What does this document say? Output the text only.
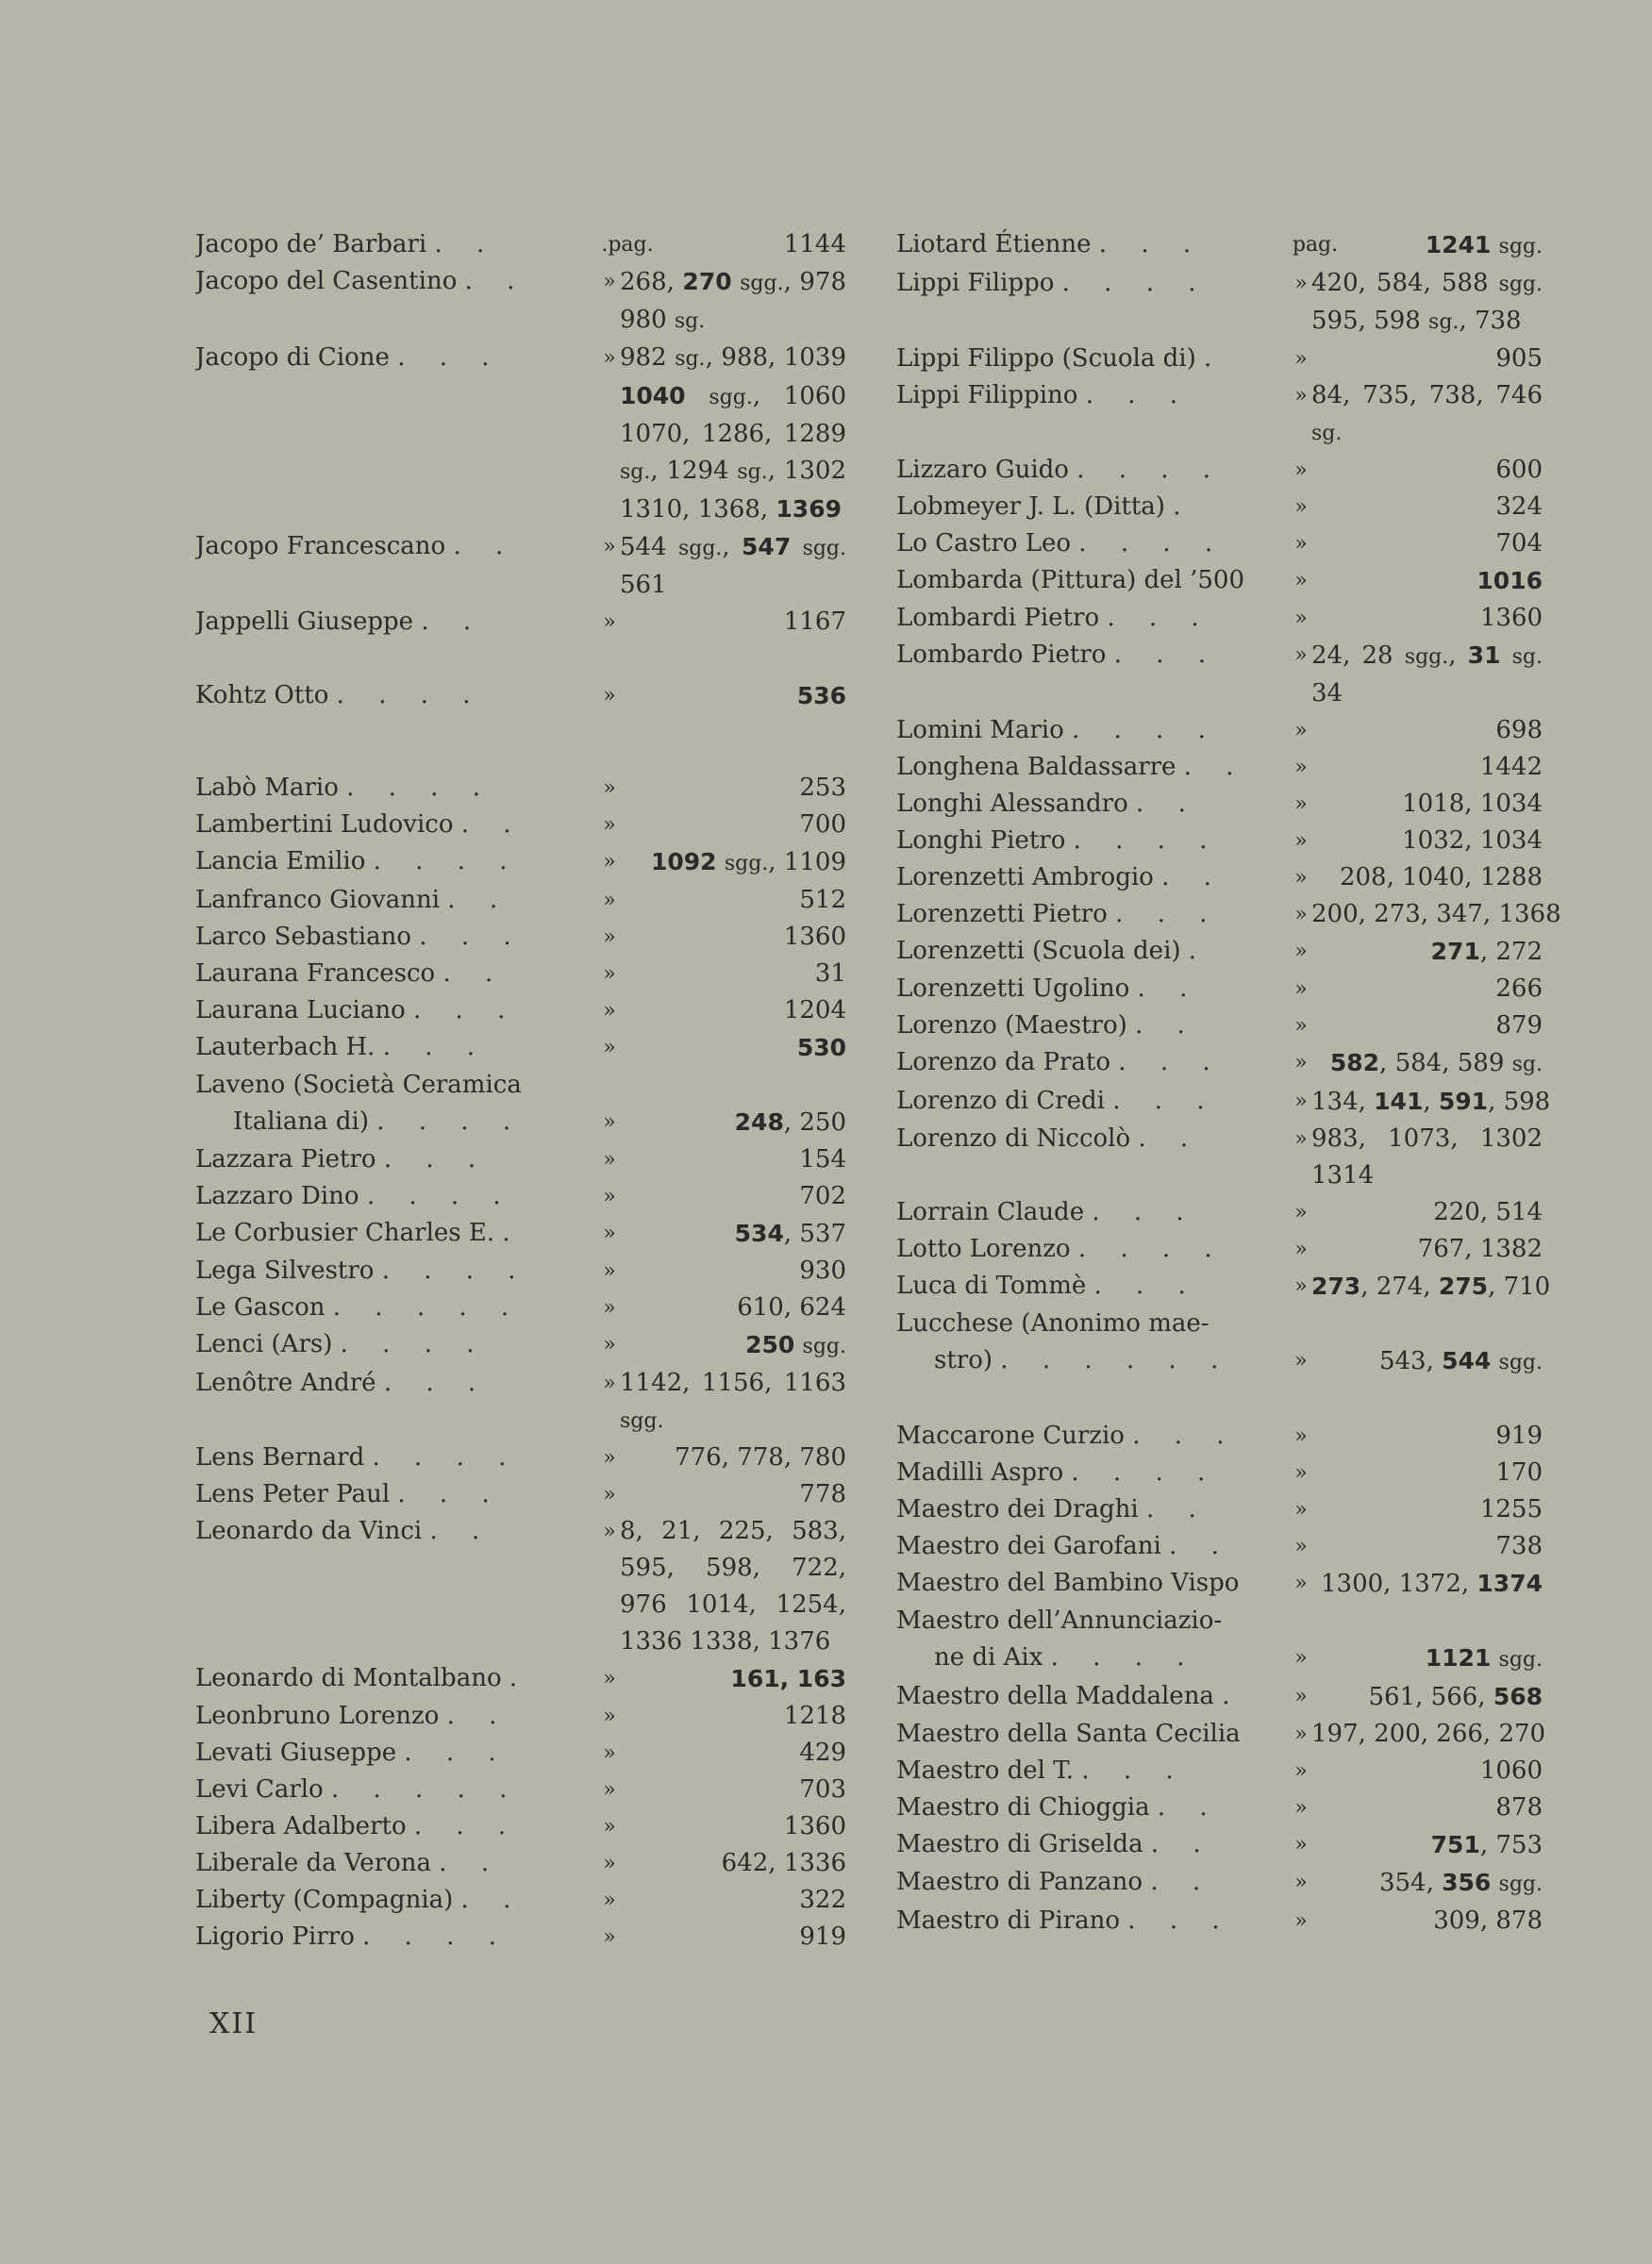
Jacopo de’ Barbari . .	.pag.	1144
Jacopo del Casentino . .	» 268, 270 sgg., 978 980 sg.
Jacopo di Cione . . .	» 982 sg., 988, 1039 1040 sgg., 1060 1070, 1286, 1289 sg., 1294 sg., 1302 1310, 1368, 1369
Jacopo Francescano . .	» 544 sgg., 547 sgg. 561
Jappelli Giuseppe . .	»	1167
Kohtz Otto . . . .	»	536
Labò Mario . . . .	»	253
Lambertini Ludovico . .	»	700
Lancia Emilio . . . .	»	1092 sgg., 1109
Lanfranco Giovanni . .	»	512
Larco Sebastiano . . .	»	1360
Laurana Francesco . .	»	31
Laurana Luciano . . .	»	1204
Lauterbach H. . . .	»	530
Laveno (Società Ceramica
Italiana di) . . . .	»	248, 250
Lazzara Pietro . . .	»	154
Lazzaro Dino . . . .	»	702
Le Corbusier Charles E. .	»	534, 537
Lega Silvestro . . . .	»	930
Le Gascon . . . . .	»	610, 624
Lenci (Ars) . . . .	»	250 sgg.
Lenôtre André . . .	» 1142, 1156, 1163 sgg.
Lens Bernard . . . .	»	776, 778, 780
Lens Peter Paul . . .	»	778
Leonardo da Vinci . .	» 8, 21, 225, 583, 595, 598, 722, 976 1014, 1254, 1336 1338, 1376
Leonardo di Montalbano .	»	161, 163
Leonbruno Lorenzo . .	»	1218
Levati Giuseppe . . .	»	429
Levi Carlo . . . . .	»	703
Libera Adalberto . . .	»	1360
Liberale da Verona . .	»	642, 1336
Liberty (Compagnia) . .	»	322
Ligorio Pirro . . . .	»	919
Liotard Étienne . . .	pag.	1241 sgg.
Lippi Filippo . . . .	» 420, 584, 588 sgg. 595, 598 sg., 738
Lippi Filippo (Scuola di) .	»	905
Lippi Filippino . . .	» 84, 735, 738, 746 sg.
Lizzaro Guido . . . .	»	600
Lobmeyer J. L. (Ditta) .	»	324
Lo Castro Leo . . . .	»	704
Lombarda (Pittura) del ’500	»	1016
Lombardi Pietro . . .	»	1360
Lombardo Pietro . . .	» 24, 28 sgg., 31 sg. 34
Lomini Mario . . . .	»	698
Longhena Baldassarre . .	»	1442
Longhi Alessandro . .	»	1018, 1034
Longhi Pietro . . . .	»	1032, 1034
Lorenzetti Ambrogio . .	»	208, 1040, 1288
Lorenzetti Pietro . . .	» 200, 273, 347, 1368
Lorenzetti (Scuola dei) .	»	271, 272
Lorenzetti Ugolino . .	»	266
Lorenzo (Maestro) . .	»	879
Lorenzo da Prato . . .	» 582, 584, 589 sg.
Lorenzo di Credi . . .	» 134, 141, 591, 598
Lorenzo di Niccolò . .	» 983, 1073, 1302 1314
Lorrain Claude . . .	»	220, 514
Lotto Lorenzo . . . .	»	767, 1382
Luca di Tommè . . .	» 273, 274, 275, 710
Lucchese (Anonimo mae-
stro) . . . . . .	»	543, 544 sgg.
Maccarone Curzio . . .	»	919
Madilli Aspro . . . .	»	170
Maestro dei Draghi . .	»	1255
Maestro dei Garofani . .	»	738
Maestro del Bambino Vispo	» 1300, 1372, 1374
Maestro dell’Annunciazio-
ne di Aix . . . .	»	1121 sgg.
Maestro della Maddalena .	»	561, 566, 568
Maestro della Santa Cecilia	» 197, 200, 266, 270
Maestro del T. . . .	»	1060
Maestro di Chioggia . .	»	878
Maestro di Griselda . .	»	751, 753
Maestro di Panzano . .	»	354, 356 sgg.
Maestro di Pirano . . .	»	309, 878
XII
